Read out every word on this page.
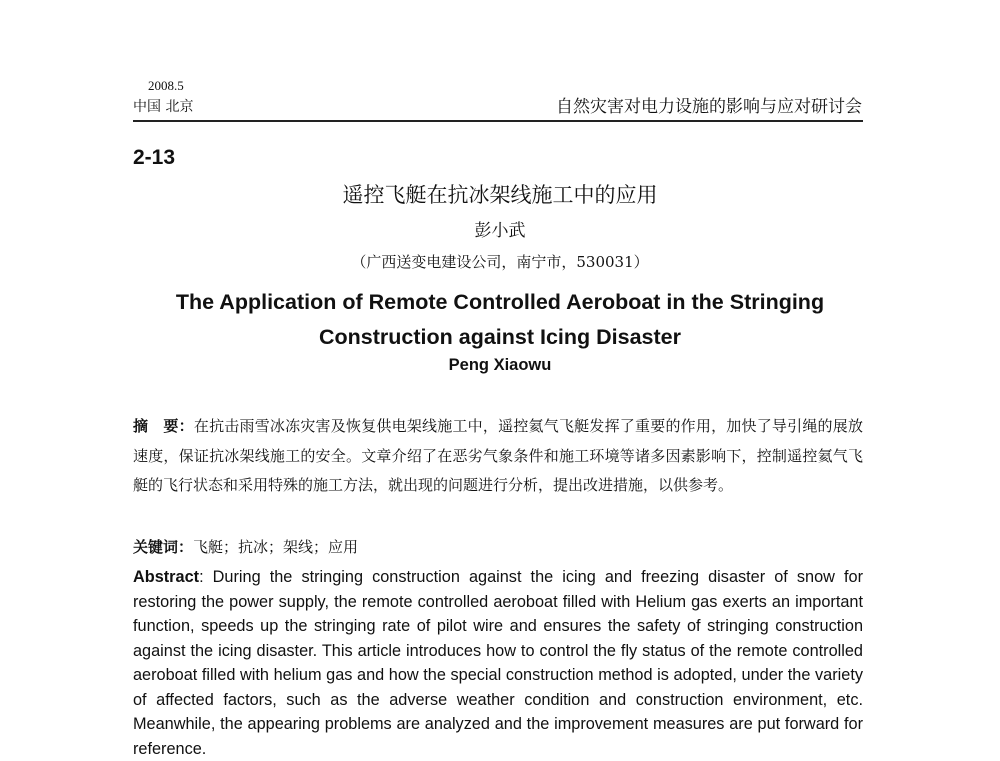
2008.5
中国 北京	自然灾害对电力设施的影响与应对研讨会
2-13
遥控飞艇在抗冰架线施工中的应用
彭小武
（广西送变电建设公司，南宁市，530031）
The Application of Remote Controlled Aeroboat in the Stringing
Construction against Icing Disaster
Peng Xiaowu
摘　要：在抗击雨雪冰冻灾害及恢复供电架线施工中，遥控氦气飞艇发挥了重要的作用，加快了导引绳的展放速度，保证抗冰架线施工的安全。文章介绍了在恶劣气象条件和施工环境等诸多因素影响下，控制遥控氦气飞艇的飞行状态和采用特殊的施工方法，就出现的问题进行分析，提出改进措施，以供参考。
关键词：飞艇；抗冰；架线；应用
Abstract: During the stringing construction against the icing and freezing disaster of snow for restoring the power supply, the remote controlled aeroboat filled with Helium gas exerts an important function, speeds up the stringing rate of pilot wire and ensures the safety of stringing construction against the icing disaster. This article introduces how to control the fly status of the remote controlled aeroboat filled with helium gas and how the special construction method is adopted, under the variety of affected factors, such as the adverse weather condition and construction environment, etc. Meanwhile, the appearing problems are analyzed and the improvement measures are put forward for reference.
